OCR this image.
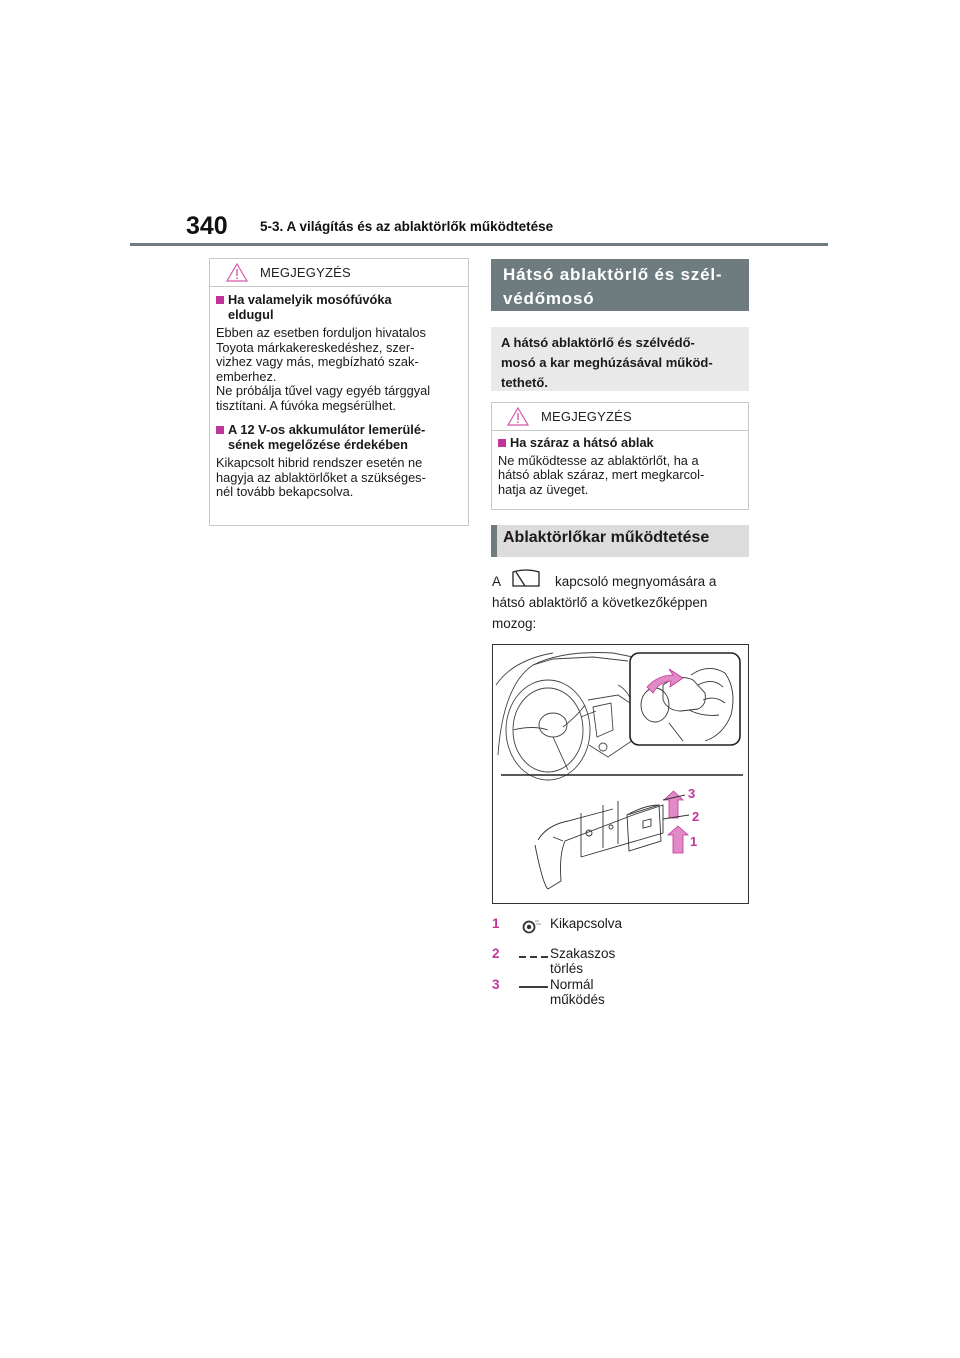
340 5-3. A világítás és az ablaktörlők működtetése
MEGJEGYZÉS
Ha valamelyik mosófúvóka
eldugul
Ebben az esetben forduljon hivatalos
Toyota márkakereskedéshez, szer-
vizhez vagy más, megbízható szak-
emberhez.
Ne próbálja tűvel vagy egyéb tárggyal
tisztítani. A fúvóka megsérülhet.
A 12 V-os akkumulátor lemerülé-
sének megelőzése érdekében
Kikapcsolt hibrid rendszer esetén ne
hagyja az ablaktörlőket a szükséges-
nél tovább bekapcsolva.
Hátsó ablaktörlő és szél-
védőmosó
A hátsó ablaktörlő és szélvédő-
mosó a kar meghúzásával működ-
tethető.
MEGJEGYZÉS
Ha száraz a hátsó ablak
Ne működtesse az ablaktörlőt, ha a
hátsó ablak száraz, mert megkarcol-
hatja az üveget.
Ablaktörlőkar működtetése
A	kapcsoló megnyomására a
hátsó ablaktörlő a következőképpen
mozog:
3
2
1
1	Kikapcsolva
2	Szakaszos törlés
3	Normál működés
